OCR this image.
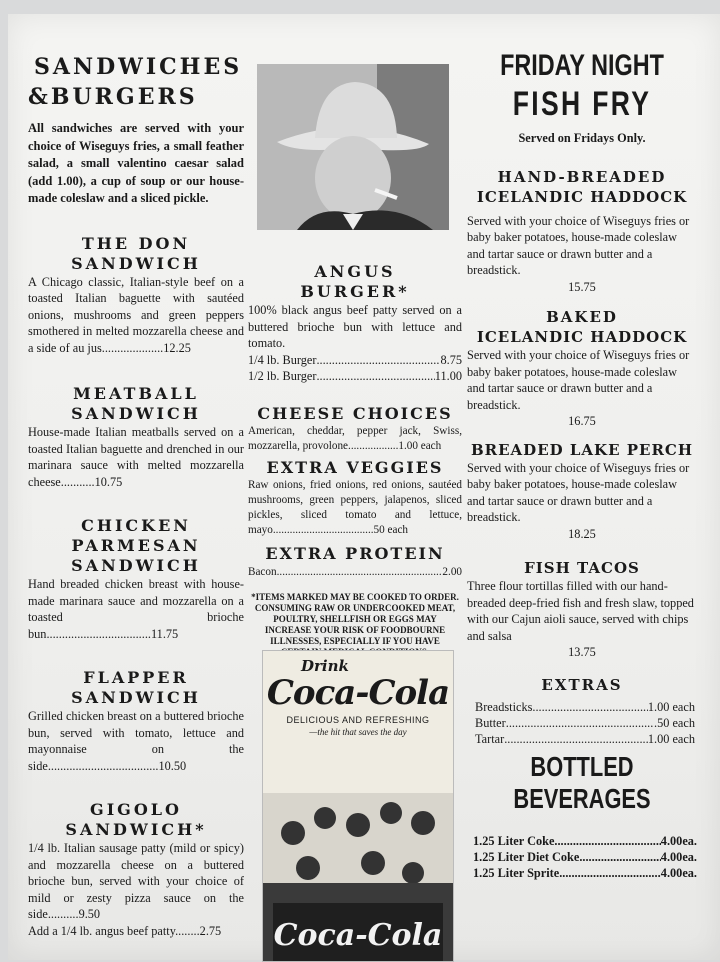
SANDWICHES
&BURGERS

All sandwiches are served with your choice of Wiseguys fries, a small feather salad, a small valentino caesar salad (add 1.00), a cup of soup or our house-made coleslaw and a sliced pickle.

THE DON
SANDWICH

A Chicago classic, Italian-style beef on a toasted Italian baguette with sautéed onions, mushrooms and green peppers smothered in melted mozzarella cheese and a side of au jus....................12.25

MEATBALL
SANDWICH

House-made Italian meatballs served on a toasted Italian baguette and drenched in our marinara sauce with melted mozzarella cheese...........10.75

CHICKEN
PARMESAN
SANDWICH

Hand breaded chicken breast with house-made marinara sauce and mozzarella on a toasted brioche bun..................................11.75

FLAPPER
SANDWICH

Grilled chicken breast on a buttered brioche bun, served with tomato, lettuce and mayonnaise on the side....................................10.50

GIGOLO
SANDWICH*

1/4 lb. Italian sausage patty (mild or spicy) and mozzarella cheese on a buttered brioche bun, served with your choice of mild or zesty pizza sauce on the side..........9.50

Add a 1/4 lb. angus beef patty........2.75

ANGUS
BURGER*

100% black angus beef patty served on a buttered brioche bun with lettuce and tomato.

1/4 lb. Burger .....	8.75
1/2 lb. Burger .....	11.00
CHEESE CHOICES

American, cheddar, pepper jack, Swiss, mozzarella, provolone..................1.00 each

EXTRA VEGGIES

Raw onions, fried onions, red onions, sautéed mushrooms, green peppers, jalapenos, sliced pickles, sliced tomato and lettuce, mayo....................................50 each

EXTRA PROTEIN
Bacon .....	2.00

*ITEMS MARKED MAY BE COOKED TO ORDER. CONSUMING RAW OR UNDERCOOKED MEAT, POULTRY, SHELLFISH OR EGGS MAY INCREASE YOUR RISK OF FOODBOURNE ILLNESSES, ESPECIALLY IF YOU HAVE

Drink
Coca-Cola
DELICIOUS AND REFRESHING
—the hit that saves the day
Coca-Cola
FRIDAY NIGHT
FISH FRY

Served on Fridays Only.

HAND-BREADED
ICELANDIC HADDOCK

Served with your choice of Wiseguys fries or baby baker potatoes, house-made coleslaw and tartar sauce or drawn butter and a breadstick.

15.75

BAKED
ICELANDIC HADDOCK

Served with your choice of Wiseguys fries or baby baker potatoes, house-made coleslaw and tartar sauce or drawn butter and a breadstick.

16.75

BREADED LAKE PERCH

Served with your choice of Wiseguys fries or baby baker potatoes, house-made coleslaw and tartar sauce or drawn butter and a breadstick.

18.25

FISH TACOS

Three flour tortillas filled with our hand-breaded deep-fried fish and fresh slaw, topped with our Cajun aioli sauce, served with chips and salsa

13.75

EXTRAS
Breadsticks .....	1.00 each
Butter .....	.50 each
Tartar .....	1.00 each
BOTTLED
BEVERAGES
1.25 Liter Coke .....	4.00ea.
1.25 Liter Diet Coke .....	4.00ea.
1.25 Liter Sprite .....	4.00ea.
